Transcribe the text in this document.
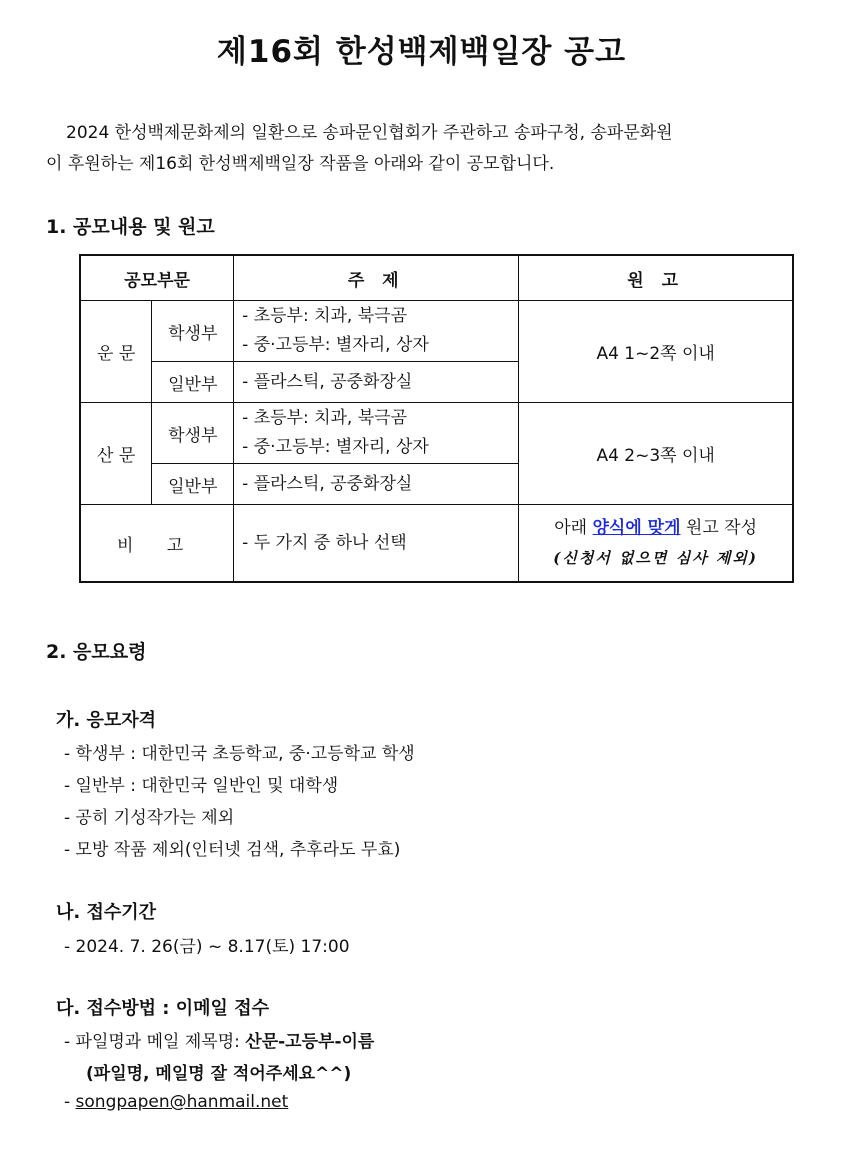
제16회 한성백제백일장 공고
2024 한성백제문화제의 일환으로 송파문인협회가 주관하고 송파구청, 송파문화원
이 후원하는 제16회 한성백제백일장 작품을 아래와 같이 공모합니다.
1. 공모내용 및 원고
공모부문		주 제	원 고
운 문	학생부	- 초등부: 치과, 북극곰
- 중·고등부: 별자리, 상자	A4 1~2쪽 이내
	일반부	- 플라스틱, 공중화장실	
산 문	학생부	- 초등부: 치과, 북극곰
- 중·고등부: 별자리, 상자	A4 2~3쪽 이내
	일반부	- 플라스틱, 공중화장실	
비 고		- 두 가지 중 하나 선택	아래 양식에 맞게 원고 작성
(신청서 없으면 심사 제외)
2. 응모요령
가. 응모자격
- 학생부 : 대한민국 초등학교, 중·고등학교 학생
- 일반부 : 대한민국 일반인 및 대학생
- 공히 기성작가는 제외
- 모방 작품 제외(인터넷 검색, 추후라도 무효)
나. 접수기간
- 2024. 7. 26(금) ~ 8.17(토) 17:00
다. 접수방법 : 이메일 접수
- 파일명과 메일 제목명: 산문-고등부-이름
(파일명, 메일명 잘 적어주세요^^)
- songpapen@hanmail.net
